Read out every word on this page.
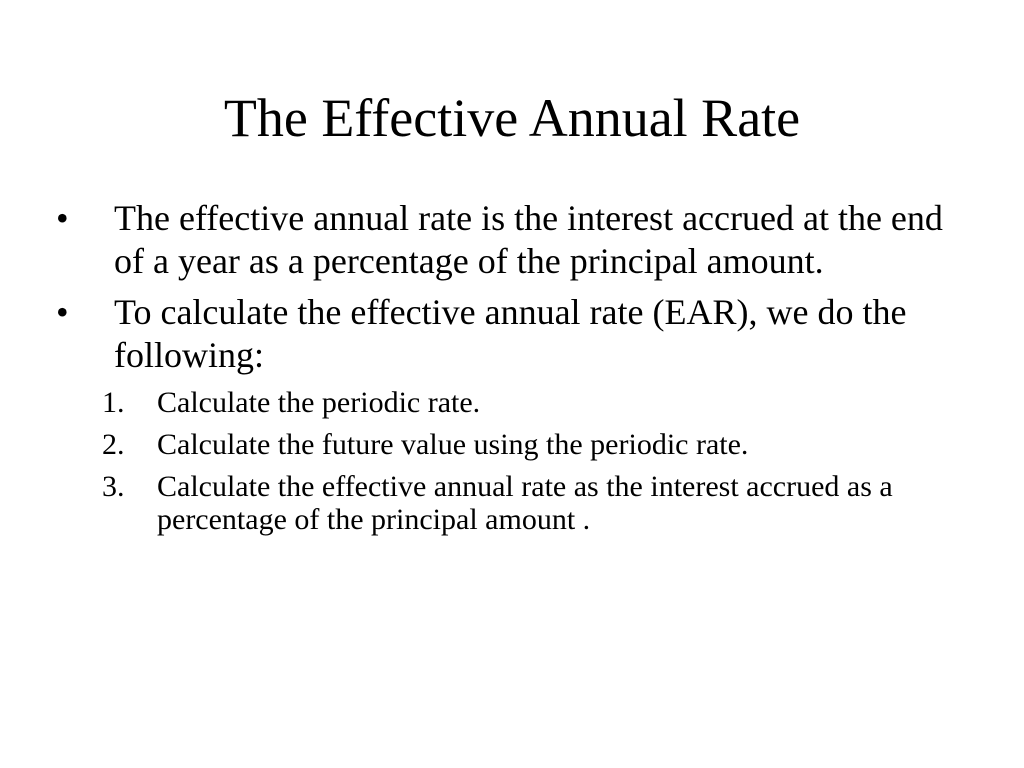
The Effective Annual Rate
•	The effective annual rate is the interest accrued at the end of a year as a percentage of the principal amount.
•	To calculate the effective annual rate (EAR), we do the following:
1.	Calculate the periodic rate.
2.	Calculate the future value using the periodic rate.
3.	Calculate the effective annual rate as the interest accrued as a percentage of the principal amount .
